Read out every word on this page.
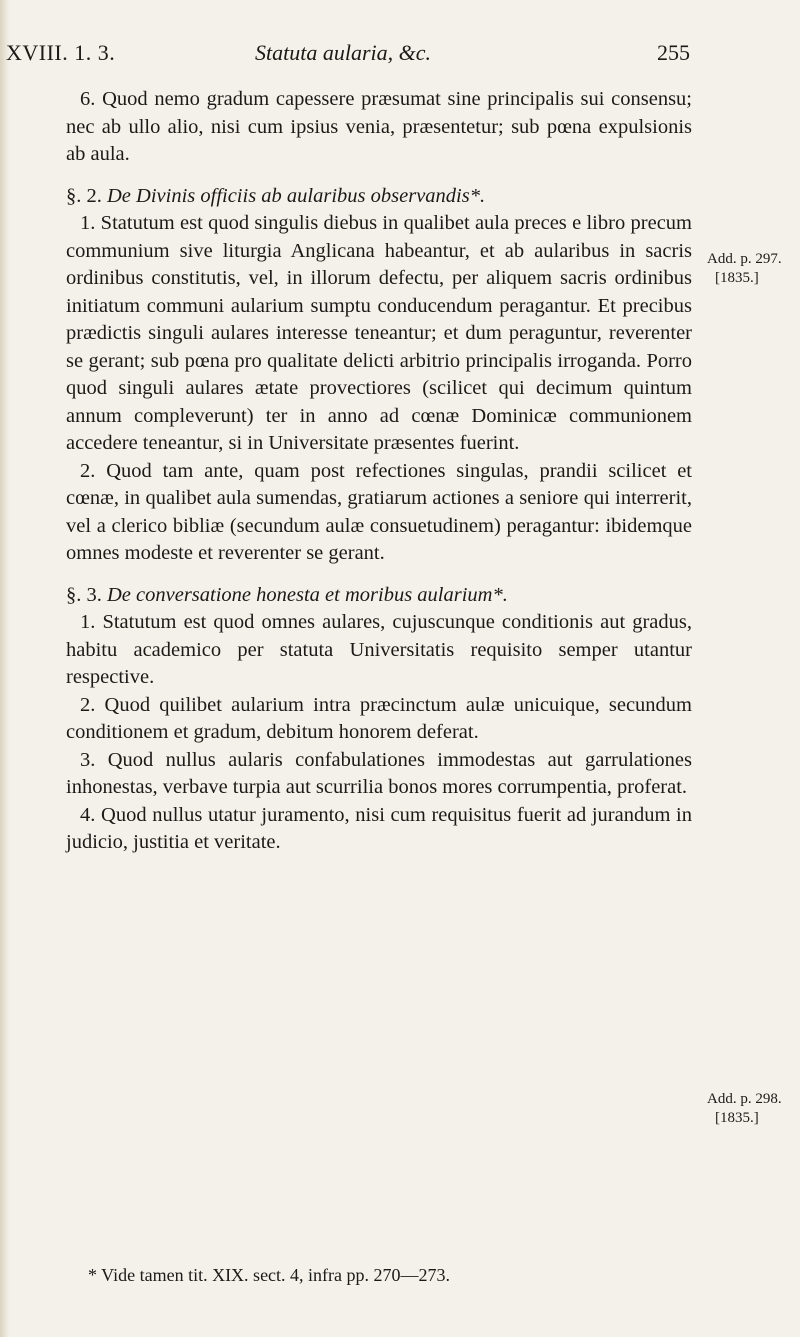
XVIII. 1. 3.	Statuta aularia, &c.	255

6. Quod nemo gradum capessere præsumat sine principalis sui consensu; nec ab ullo alio, nisi cum ipsius venia, præsentetur; sub pœna expulsionis ab aula.

§. 2. De Divinis officiis ab aularibus observandis*.

1. Statutum est quod singulis diebus in qualibet aula preces e libro precum communium sive liturgia Anglicana habeantur, et ab aularibus in sacris ordinibus constitutis, vel, in illorum defectu, per aliquem sacris ordinibus initiatum communi aularium sumptu conducendum peragantur. Et precibus prædictis singuli aulares interesse teneantur; et dum peraguntur, reverenter se gerant; sub pœna pro qualitate delicti arbitrio principalis irroganda. Porro quod singuli aulares ætate provectiores (scilicet qui decimum quintum annum compleverunt) ter in anno ad cœnæ Dominicæ communionem accedere teneantur, si in Universitate præsentes fuerint.

2. Quod tam ante, quam post refectiones singulas, prandii scilicet et cœnæ, in qualibet aula sumendas, gratiarum actiones a seniore qui interrerit, vel a clerico bibliæ (secundum aulæ consuetudinem) peragantur: ibidemque omnes modeste et reverenter se gerant.

§. 3. De conversatione honesta et moribus aularium*.

1. Statutum est quod omnes aulares, cujuscunque conditionis aut gradus, habitu academico per statuta Universitatis requisito semper utantur respective.

2. Quod quilibet aularium intra præcinctum aulæ unicuique, secundum conditionem et gradum, debitum honorem deferat.

3. Quod nullus aularis confabulationes immodestas aut garrulationes inhonestas, verbave turpia aut scurrilia bonos mores corrumpentia, proferat.

4. Quod nullus utatur juramento, nisi cum requisitus fuerit ad jurandum in judicio, justitia et veritate.

Add. p. 297.
[1835.]
Add. p. 298.
[1835.]
* Vide tamen tit. XIX. sect. 4, infra pp. 270—273.
